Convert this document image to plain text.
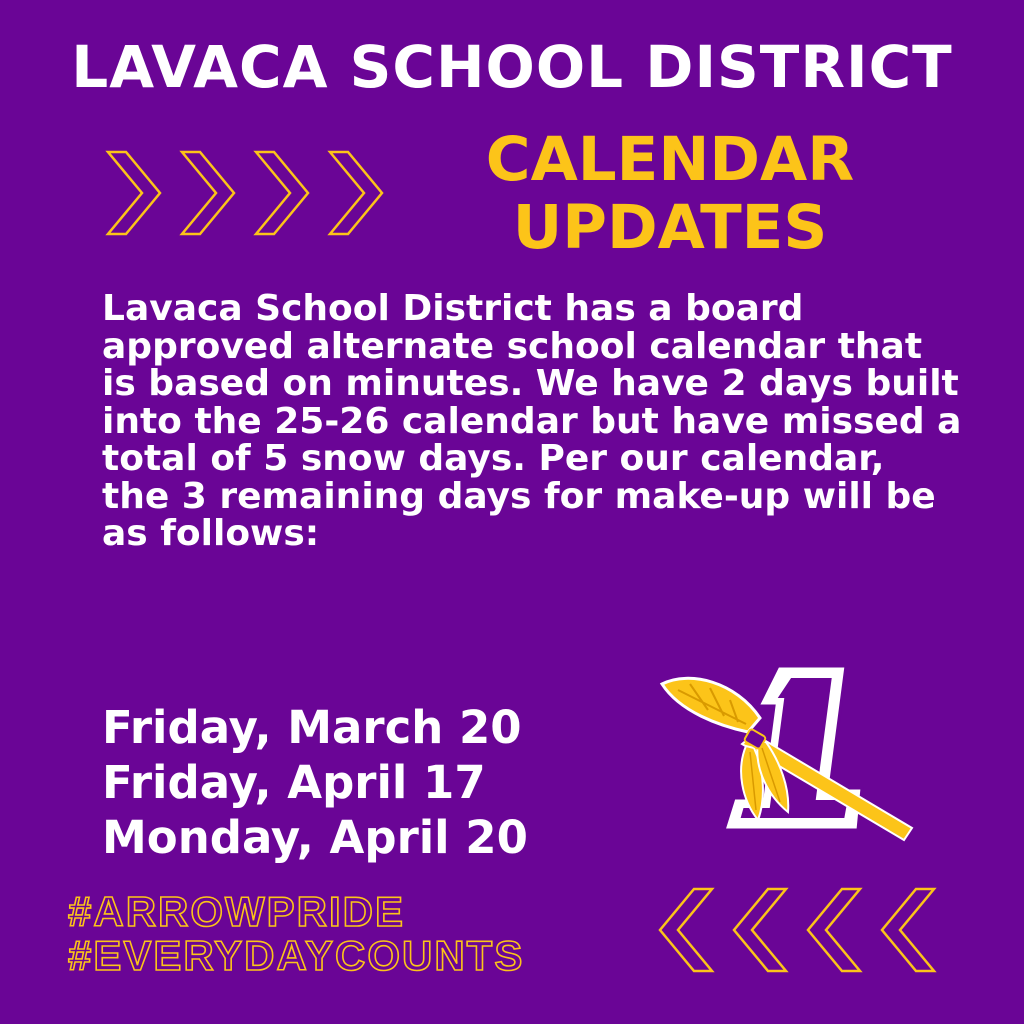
LAVACA SCHOOL DISTRICT
CALENDAR
UPDATES

Lavaca School District has a board approved alternate school calendar that is based on minutes. We have 2 days built into the 25-26 calendar but have missed a total of 5 snow days. Per our calendar, the 3 remaining days for make-up will be as follows:

Friday, March 20
Friday, April 17
Monday, April 20
#ARROWPRIDE
#EVERYDAYCOUNTS
